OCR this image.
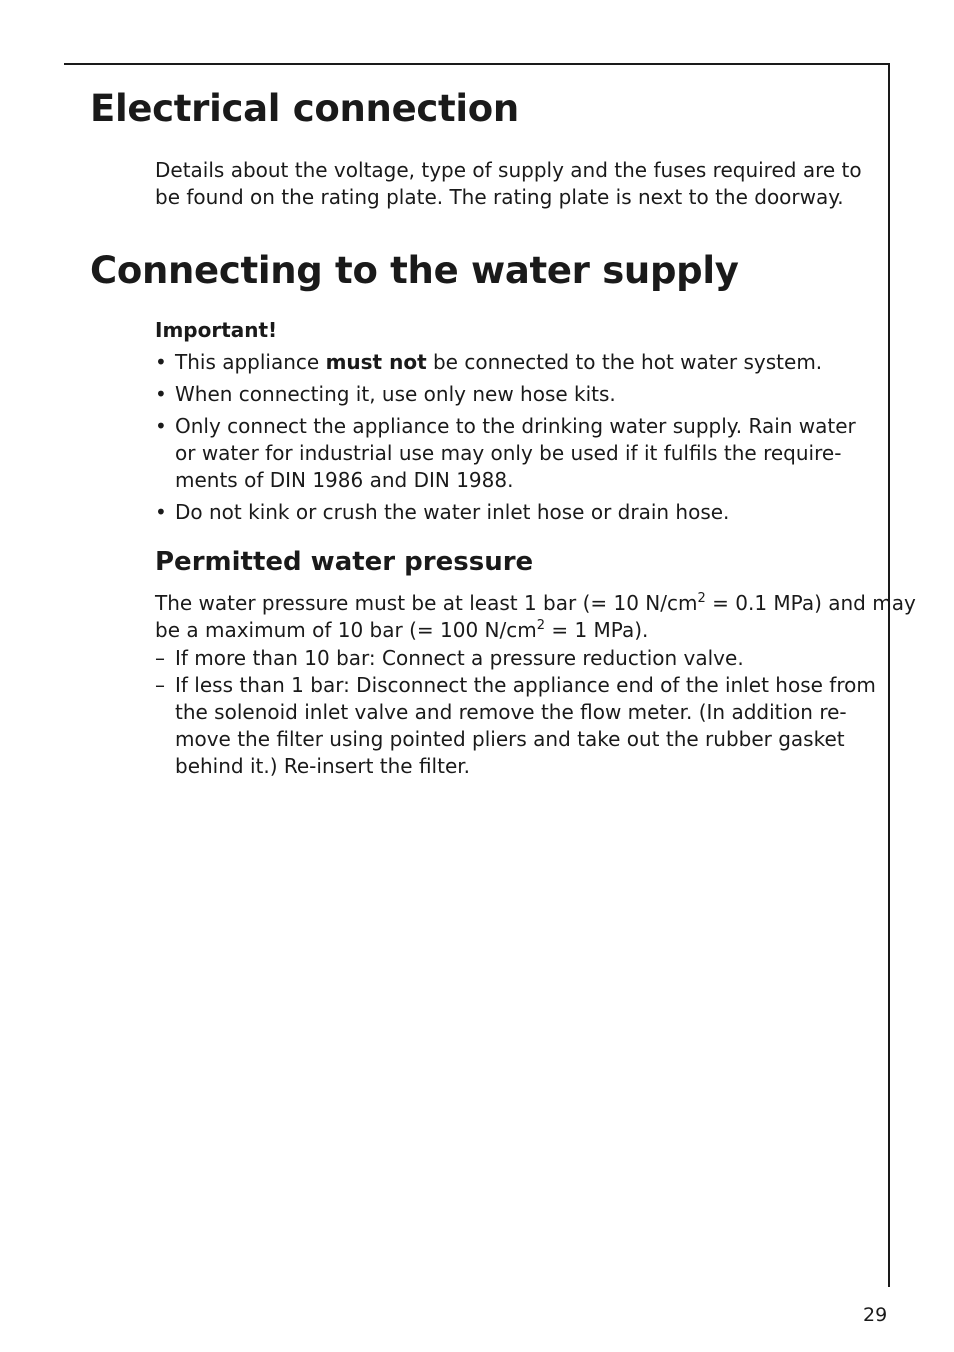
Electrical connection

Details about the voltage, type of supply and the fuses required are to
be found on the rating plate. The rating plate is next to the doorway.

Connecting to the water supply
Important!
• This appliance must not be connected to the hot water system.
• When connecting it, use only new hose kits.
• Only connect the appliance to the drinking water supply. Rain water
or water for industrial use may only be used if it fulfils the require-
ments of DIN 1986 and DIN 1988.
• Do not kink or crush the water inlet hose or drain hose.
Permitted water pressure

The water pressure must be at least 1 bar (= 10 $N/cm^2 = 0.1$ MPa) and may
be a maximum of 10 bar (= 100 $N/cm^2 = 1$ MPa).

– If more than 10 bar: Connect a pressure reduction valve.
– If less than 1 bar: Disconnect the appliance end of the inlet hose from
the solenoid inlet valve and remove the flow meter. (In addition re-
move the filter using pointed pliers and take out the rubber gasket
behind it.) Re-insert the filter.
29
